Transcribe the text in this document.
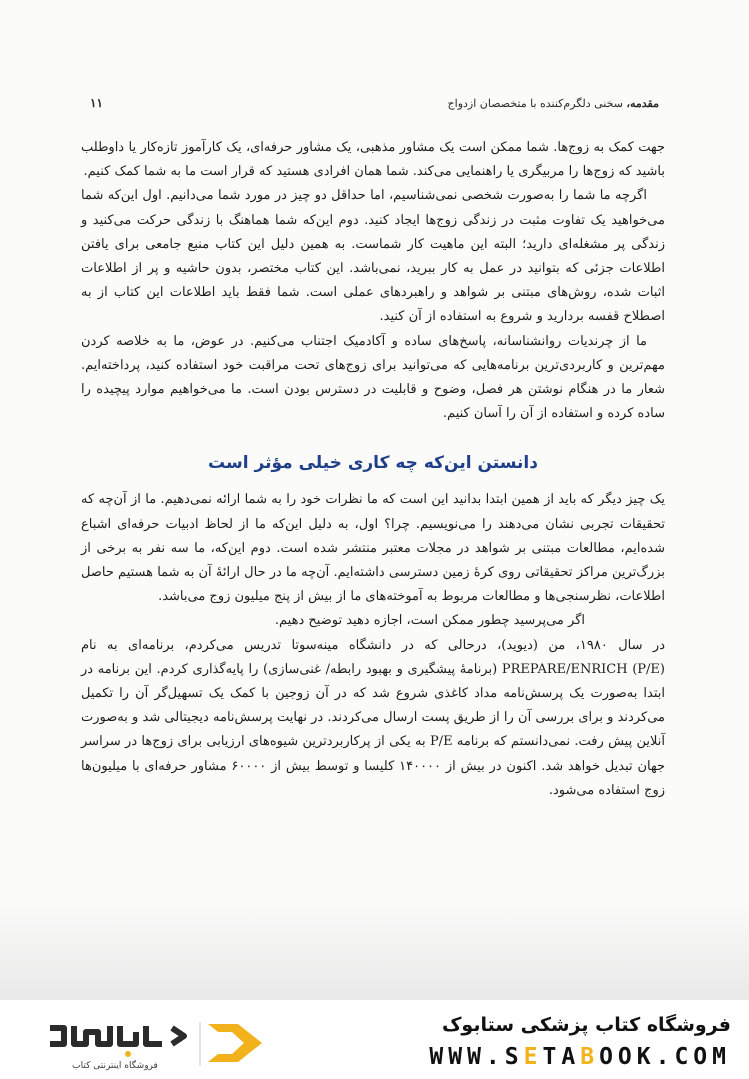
مقدمه، سخنی دلگرم‌کننده با متخصصان ازدواج
۱۱

جهت کمک به زوج‌ها. شما ممکن است یک مشاور مذهبی، یک مشاور حرفه‌ای، یک کارآموز تازه‌کار یا داوطلب باشید که زوج‌ها را مربیگری یا راهنمایی می‌کند. شما همان افرادی هستید که قرار است ما به شما کمک کنیم.

اگرچه ما شما را به‌صورت شخصی نمی‌شناسیم، اما حداقل دو چیز در مورد شما می‌دانیم. اول این‌که شما می‌خواهید یک تفاوت مثبت در زندگی زوج‌ها ایجاد کنید. دوم این‌که شما هماهنگ با زندگی حرکت می‌کنید و زندگی پر مشغله‌ای دارید؛ البته این ماهیت کار شماست. به همین دلیل این کتاب منبع جامعی برای یافتن اطلاعات جزئی که بتوانید در عمل به کار ببرید، نمی‌باشد. این کتاب مختصر، بدون حاشیه و پر از اطلاعات اثبات شده، روش‌های مبتنی بر شواهد و راهبردهای عملی است. شما فقط باید اطلاعات این کتاب از به اصطلاح قفسه بردارید و شروع به استفاده از آن کنید.

ما از چرندیات روانشناسانه، پاسخ‌های ساده و آکادمیک اجتناب می‌کنیم. در عوض، ما به خلاصه کردن مهم‌ترین و کاربردی‌ترین برنامه‌هایی که می‌توانید برای زوج‌های تحت مراقبت خود استفاده کنید، پرداخته‌ایم. شعار ما در هنگام نوشتن هر فصل، وضوح و قابلیت در دسترس بودن است. ما می‌خواهیم موارد پیچیده را ساده کرده و استفاده از آن را آسان کنیم.

دانستن این‌که چه کاری خیلی مؤثر است

یک چیز دیگر که باید از همین ابتدا بدانید این است که ما نظرات خود را به شما ارائه نمی‌دهیم. ما از آن‌چه که تحقیقات تجربی نشان می‌دهند را می‌نویسیم. چرا؟ اول، به دلیل این‌که ما از لحاظ ادبیات حرفه‌ای اشباع شده‌ایم، مطالعات مبتنی بر شواهد در مجلات معتبر منتشر شده است. دوم این‌که، ما سه نفر به برخی از بزرگ‌ترین مراکز تحقیقاتی روی کرهٔ زمین دسترسی داشته‌ایم. آن‌چه ما در حال ارائهٔ آن به شما هستیم حاصل اطلاعات، نظرسنجی‌ها و مطالعات مربوط به آموخته‌های ما از بیش از پنج میلیون زوج می‌باشد.

اگر می‌پرسید چطور ممکن است، اجازه دهید توضیح دهیم.

در سال ۱۹۸۰، من (دیوید)، درحالی که در دانشگاه مینه‌سوتا تدریس می‌کردم، برنامه‌ای به نام PREPARE/ENRICH (P/E) (برنامهٔ پیشگیری و بهبود رابطه/ غنی‌سازی) را پایه‌گذاری کردم. این برنامه در ابتدا به‌صورت یک پرسش‌نامه مداد کاغذی شروع شد که در آن زوجین با کمک یک تسهیل‌گر آن را تکمیل می‌کردند و برای بررسی آن را از طریق پست ارسال می‌کردند. در نهایت پرسش‌نامه دیجیتالی شد و به‌صورت آنلاین پیش رفت. نمی‌دانستم که برنامه P/E به یکی از پرکاربردترین شیوه‌های ارزیابی برای زوج‌ها در سراسر جهان تبدیل خواهد شد. اکنون در بیش از ۱۴۰۰۰۰ کلیسا و توسط بیش از ۶۰۰۰۰ مشاور حرفه‌ای با میلیون‌ها زوج استفاده می‌شود.

فروشگاه اینترنتی کتاب
فروشگاه کتاب پزشکی ستابوک
WWW.SETABOOK.COM
